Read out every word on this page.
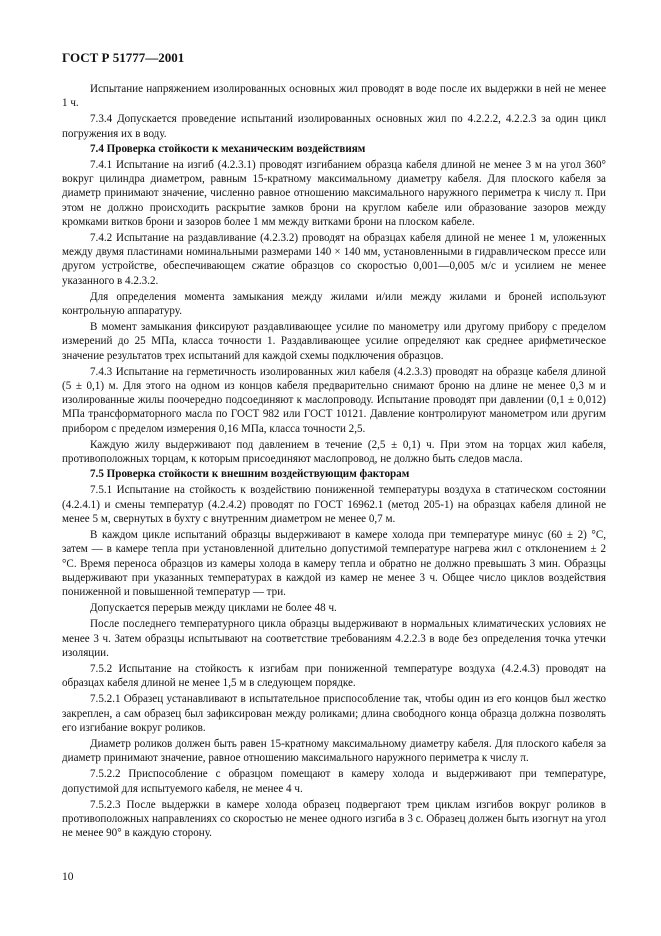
ГОСТ Р 51777—2001

Испытание напряжением изолированных основных жил проводят в воде после их выдержки в ней не менее 1 ч.

7.3.4 Допускается проведение испытаний изолированных основных жил по 4.2.2.2, 4.2.2.3 за один цикл погружения их в воду.

7.4 Проверка стойкости к механическим воздействиям

7.4.1 Испытание на изгиб (4.2.3.1) проводят изгибанием образца кабеля длиной не менее 3 м на угол 360° вокруг цилиндра диаметром, равным 15-кратному максимальному диаметру кабеля. Для плоского кабеля за диаметр принимают значение, численно равное отношению максимального наружного периметра к числу π. При этом не должно происходить раскрытие замков брони на круглом кабеле или образование зазоров между кромками витков брони и зазоров более 1 мм между витками брони на плоском кабеле.

7.4.2 Испытание на раздавливание (4.2.3.2) проводят на образцах кабеля длиной не менее 1 м, уложенных между двумя пластинами номинальными размерами 140 × 140 мм, установленными в гидравлическом прессе или другом устройстве, обеспечивающем сжатие образцов со скоростью 0,001—0,005 м/с и усилием не менее указанного в 4.2.3.2.

Для определения момента замыкания между жилами и/или между жилами и броней используют контрольную аппаратуру.

В момент замыкания фиксируют раздавливающее усилие по манометру или другому прибору с пределом измерений до 25 МПа, класса точности 1. Раздавливающее усилие определяют как среднее арифметическое значение результатов трех испытаний для каждой схемы подключения образцов.

7.4.3 Испытание на герметичность изолированных жил кабеля (4.2.3.3) проводят на образце кабеля длиной (5 ± 0,1) м. Для этого на одном из концов кабеля предварительно снимают броню на длине не менее 0,3 м и изолированные жилы поочередно подсоединяют к маслопроводу. Испытание проводят при давлении (0,1 ± 0,012) МПа трансформаторного масла по ГОСТ 982 или ГОСТ 10121. Давление контролируют манометром или другим прибором с пределом измерения 0,16 МПа, класса точности 2,5.

Каждую жилу выдерживают под давлением в течение (2,5 ± 0,1) ч. При этом на торцах жил кабеля, противоположных торцам, к которым присоединяют маслопровод, не должно быть следов масла.

7.5 Проверка стойкости к внешним воздействующим факторам

7.5.1 Испытание на стойкость к воздействию пониженной температуры воздуха в статическом состоянии (4.2.4.1) и смены температур (4.2.4.2) проводят по ГОСТ 16962.1 (метод 205-1) на образцах кабеля длиной не менее 5 м, свернутых в бухту с внутренним диаметром не менее 0,7 м.

В каждом цикле испытаний образцы выдерживают в камере холода при температуре минус (60 ± 2) °С, затем — в камере тепла при установленной длительно допустимой температуре нагрева жил с отклонением ± 2 °С. Время переноса образцов из камеры холода в камеру тепла и обратно не должно превышать 3 мин. Образцы выдерживают при указанных температурах в каждой из камер не менее 3 ч. Общее число циклов воздействия пониженной и повышенной температур — три.

Допускается перерыв между циклами не более 48 ч.

После последнего температурного цикла образцы выдерживают в нормальных климатических условиях не менее 3 ч. Затем образцы испытывают на соответствие требованиям 4.2.2.3 в воде без определения точка утечки изоляции.

7.5.2 Испытание на стойкость к изгибам при пониженной температуре воздуха (4.2.4.3) проводят на образцах кабеля длиной не менее 1,5 м в следующем порядке.

7.5.2.1 Образец устанавливают в испытательное приспособление так, чтобы один из его концов был жестко закреплен, а сам образец был зафиксирован между роликами; длина свободного конца образца должна позволять его изгибание вокруг роликов.

Диаметр роликов должен быть равен 15-кратному максимальному диаметру кабеля. Для плоского кабеля за диаметр принимают значение, равное отношению максимального наружного периметра к числу π.

7.5.2.2 Приспособление с образцом помещают в камеру холода и выдерживают при температуре, допустимой для испытуемого кабеля, не менее 4 ч.

7.5.2.3 После выдержки в камере холода образец подвергают трем циклам изгибов вокруг роликов в противоположных направлениях со скоростью не менее одного изгиба в 3 с. Образец должен быть изогнут на угол не менее 90° в каждую сторону.

10
